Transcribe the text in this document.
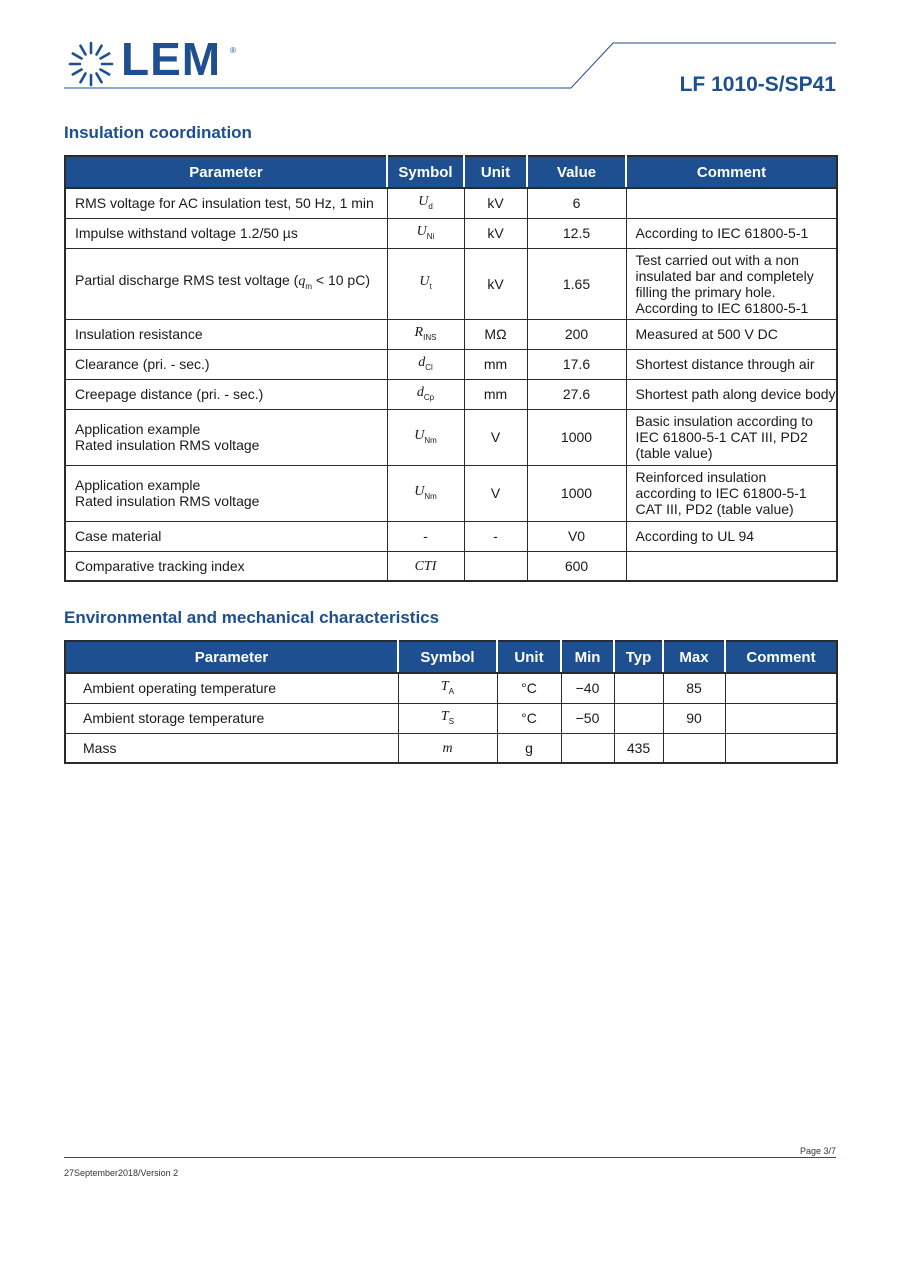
LEM ®
LF 1010-S/SP41
Insulation coordination
Parameter	Symbol	Unit	Value	Comment
RMS voltage for AC insulation test, 50 Hz, 1 min	$U_d$	kV	6	
Impulse withstand voltage 1.2/50 µs	$U_{Ni}$	kV	12.5	According to IEC 61800-5-1
Partial discharge RMS test voltage ($q_m < 10$ pC)	$U_t$	kV	1.65	Test carried out with a non insulated bar and completely filling the primary hole. According to IEC 61800-5-1
Insulation resistance	$R_{INS}$	MΩ	200	Measured at 500 V DC
Clearance (pri. - sec.)	$d_{Cl}$	mm	17.6	Shortest distance through air
Creepage distance (pri. - sec.)	$d_{Cp}$	mm	27.6	Shortest path along device body

Application example
Rated insulation RMS voltage	$U_{Nm}$	V	1000	Basic insulation according to IEC 61800-5-1 CAT III, PD2 (table value)

Application example
Rated insulation RMS voltage	$U_{Nm}$	V	1000	Reinforced insulation according to IEC 61800-5-1 CAT III, PD2 (table value)
Case material	-	-	V0	According to UL 94
Comparative tracking index	CTI		600	
Environmental and mechanical characteristics
Parameter	Symbol	Unit	Min	Typ	Max	Comment
Ambient operating temperature	$T_A$	°C	−40		85	
Ambient storage temperature	$T_S$	°C	−50		90	
Mass	m	g		435		
Page 3/7
27September2018/Version 2
